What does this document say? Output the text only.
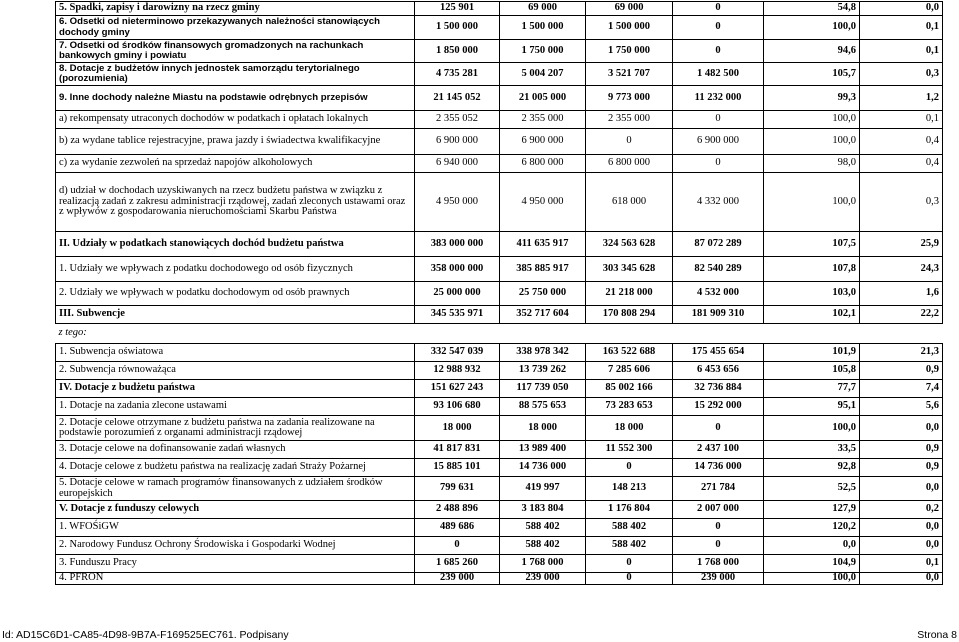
5. Spadki, zapisy i darowizny na rzecz gminy	125 901	69 000	69 000	0	54,8	0,0
6. Odsetki od nieterminowo przekazywanych należności stanowiących dochody gminy	1 500 000	1 500 000	1 500 000	0	100,0	0,1
7. Odsetki od środków finansowych gromadzonych na rachunkach bankowych gminy i powiatu	1 850 000	1 750 000	1 750 000	0	94,6	0,1
8. Dotacje z budżetów innych jednostek samorządu terytorialnego (porozumienia)	4 735 281	5 004 207	3 521 707	1 482 500	105,7	0,3
9. Inne dochody należne Miastu na podstawie odrębnych przepisów	21 145 052	21 005 000	9 773 000	11 232 000	99,3	1,2
a) rekompensaty utraconych dochodów w podatkach i opłatach lokalnych	2 355 052	2 355 000	2 355 000	0	100,0	0,1
b) za wydane tablice rejestracyjne, prawa jazdy i świadectwa kwalifikacyjne	6 900 000	6 900 000	0	6 900 000	100,0	0,4
c) za wydanie zezwoleń na sprzedaż napojów alkoholowych	6 940 000	6 800 000	6 800 000	0	98,0	0,4
d) udział w dochodach uzyskiwanych na rzecz budżetu państwa w związku z realizacją zadań z zakresu administracji rządowej, zadań zleconych ustawami oraz z wpływów z gospodarowania nieruchomościami Skarbu Państwa	4 950 000	4 950 000	618 000	4 332 000	100,0	0,3
II. Udziały w podatkach stanowiących dochód budżetu państwa	383 000 000	411 635 917	324 563 628	87 072 289	107,5	25,9
1. Udziały we wpływach z podatku dochodowego od osób fizycznych	358 000 000	385 885 917	303 345 628	82 540 289	107,8	24,3
2. Udziały we wpływach w podatku dochodowym od osób prawnych	25 000 000	25 750 000	21 218 000	4 532 000	103,0	1,6
III. Subwencje	345 535 971	352 717 604	170 808 294	181 909 310	102,1	22,2
z tego:						
1. Subwencja oświatowa	332 547 039	338 978 342	163 522 688	175 455 654	101,9	21,3
2. Subwencja równoważąca	12 988 932	13 739 262	7 285 606	6 453 656	105,8	0,9
IV. Dotacje z budżetu państwa	151 627 243	117 739 050	85 002 166	32 736 884	77,7	7,4
1. Dotacje na zadania zlecone ustawami	93 106 680	88 575 653	73 283 653	15 292 000	95,1	5,6
2. Dotacje celowe otrzymane z budżetu państwa na zadania realizowane na podstawie porozumień z organami administracji rządowej	18 000	18 000	18 000	0	100,0	0,0
3. Dotacje celowe na dofinansowanie zadań własnych	41 817 831	13 989 400	11 552 300	2 437 100	33,5	0,9
4. Dotacje celowe z budżetu państwa na realizację zadań Straży Pożarnej	15 885 101	14 736 000	0	14 736 000	92,8	0,9
5. Dotacje celowe w ramach programów finansowanych z udziałem środków europejskich	799 631	419 997	148 213	271 784	52,5	0,0
V. Dotacje z funduszy celowych	2 488 896	3 183 804	1 176 804	2 007 000	127,9	0,2
1. WFOŚiGW	489 686	588 402	588 402	0	120,2	0,0
2. Narodowy Fundusz Ochrony Środowiska i Gospodarki Wodnej	0	588 402	588 402	0	0,0	0,0
3. Funduszu Pracy	1 685 260	1 768 000	0	1 768 000	104,9	0,1
4. PFRON	239 000	239 000	0	239 000	100,0	0,0
Id: AD15C6D1-CA85-4D98-9B7A-F169525EC761. Podpisany	Strona 8
